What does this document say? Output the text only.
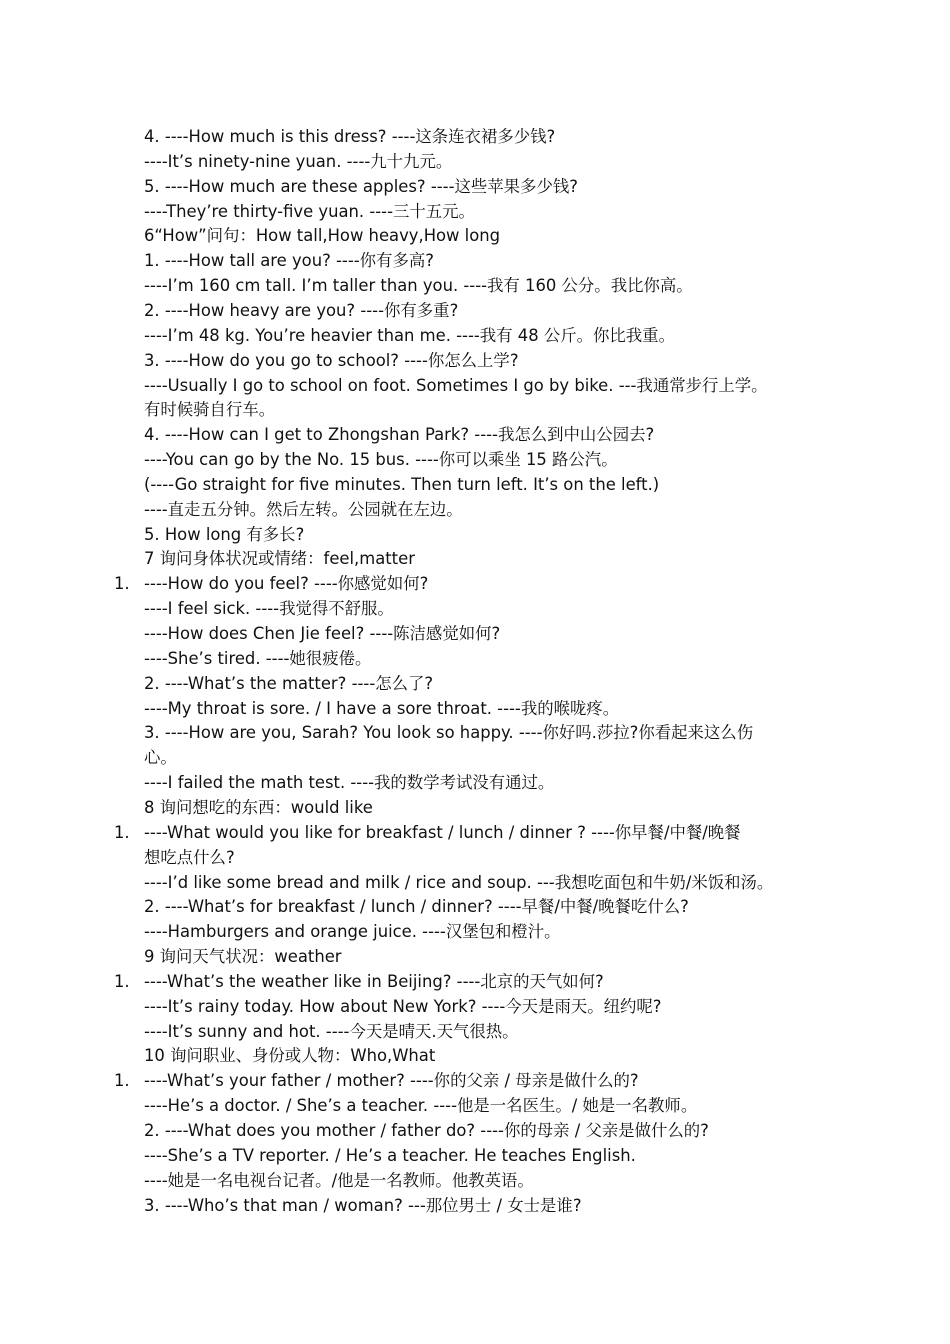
4. ----How much is this dress? ----这条连衣裙多少钱?
----It’s ninety-nine yuan. ----九十九元。
5. ----How much are these apples? ----这些苹果多少钱?
----They’re thirty-five yuan. ----三十五元。
6“How”问句：How tall,How heavy,How long
1. ----How tall are you? ----你有多高?
----I’m 160 cm tall. I’m taller than you. ----我有 160 公分。我比你高。
2. ----How heavy are you? ----你有多重?
----I’m 48 kg. You’re heavier than me. ----我有 48 公斤。你比我重。
3. ----How do you go to school? ----你怎么上学?
----Usually I go to school on foot. Sometimes I go by bike. ---我通常步行上学。
有时候骑自行车。
4. ----How can I get to Zhongshan Park? ----我怎么到中山公园去?
----You can go by the No. 15 bus. ----你可以乘坐 15 路公汽。
(----Go straight for five minutes. Then turn left. It’s on the left.)
----直走五分钟。然后左转。公园就在左边。
5. How long 有多长?
7 询问身体状况或情绪：feel,matter
1. ----How do you feel? ----你感觉如何?
----I feel sick. ----我觉得不舒服。
----How does Chen Jie feel? ----陈洁感觉如何?
----She’s tired. ----她很疲倦。
2. ----What’s the matter? ----怎么了?
----My throat is sore. / I have a sore throat. ----我的喉咙疼。
3. ----How are you, Sarah? You look so happy. ----你好吗.莎拉?你看起来这么伤
心。
----I failed the math test. ----我的数学考试没有通过。
8 询问想吃的东西：would like
1. ----What would you like for breakfast / lunch / dinner ? ----你早餐/中餐/晚餐
想吃点什么?
----I’d like some bread and milk / rice and soup. ---我想吃面包和牛奶/米饭和汤。
2. ----What’s for breakfast / lunch / dinner? ----早餐/中餐/晚餐吃什么?
----Hamburgers and orange juice. ----汉堡包和橙汁。
9 询问天气状况：weather
1. ----What’s the weather like in Beijing? ----北京的天气如何?
----It’s rainy today. How about New York? ----今天是雨天。纽约呢?
----It’s sunny and hot. ----今天是晴天.天气很热。
10 询问职业、身份或人物：Who,What
1. ----What’s your father / mother? ----你的父亲 / 母亲是做什么的?
----He’s a doctor. / She’s a teacher. ----他是一名医生。/ 她是一名教师。
2. ----What does you mother / father do? ----你的母亲 / 父亲是做什么的?
----She’s a TV reporter. / He’s a teacher. He teaches English.
----她是一名电视台记者。/他是一名教师。他教英语。
3. ----Who’s that man / woman? ---那位男士 / 女士是谁?
